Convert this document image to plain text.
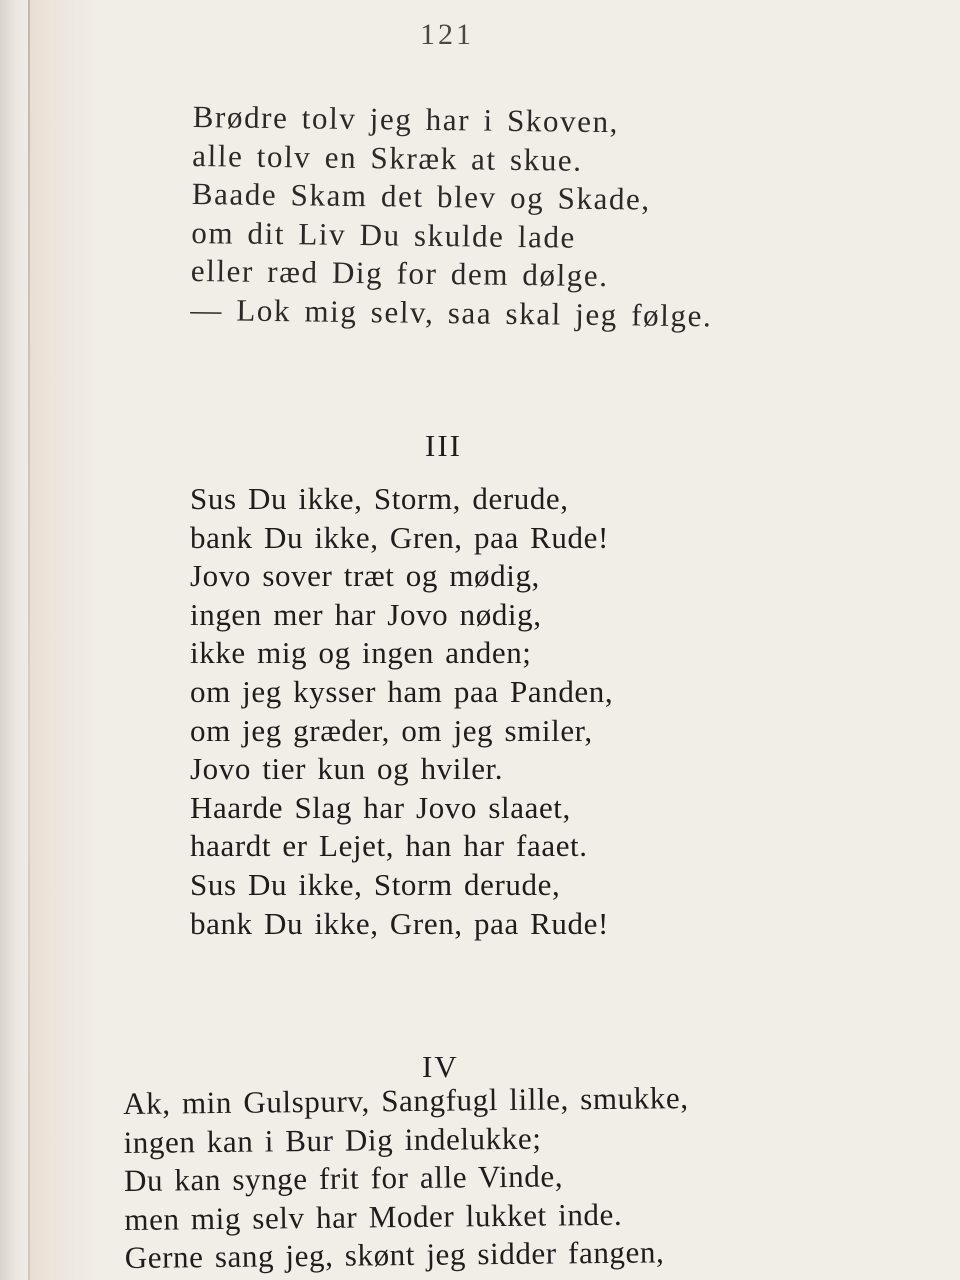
121
Brødre tolv jeg har i Skoven,
alle tolv en Skræk at skue.
Baade Skam det blev og Skade,
om dit Liv Du skulde lade
eller ræd Dig for dem dølge.
— Lok mig selv, saa skal jeg følge.
III
Sus Du ikke, Storm, derude,
bank Du ikke, Gren, paa Rude!
Jovo sover træt og mødig,
ingen mer har Jovo nødig,
ikke mig og ingen anden;
om jeg kysser ham paa Panden,
om jeg græder, om jeg smiler,
Jovo tier kun og hviler.
Haarde Slag har Jovo slaaet,
haardt er Lejet, han har faaet.
Sus Du ikke, Storm derude,
bank Du ikke, Gren, paa Rude!
IV
Ak, min Gulspurv, Sangfugl lille, smukke,
ingen kan i Bur Dig indelukke;
Du kan synge frit for alle Vinde,
men mig selv har Moder lukket inde.
Gerne sang jeg, skønt jeg sidder fangen,
